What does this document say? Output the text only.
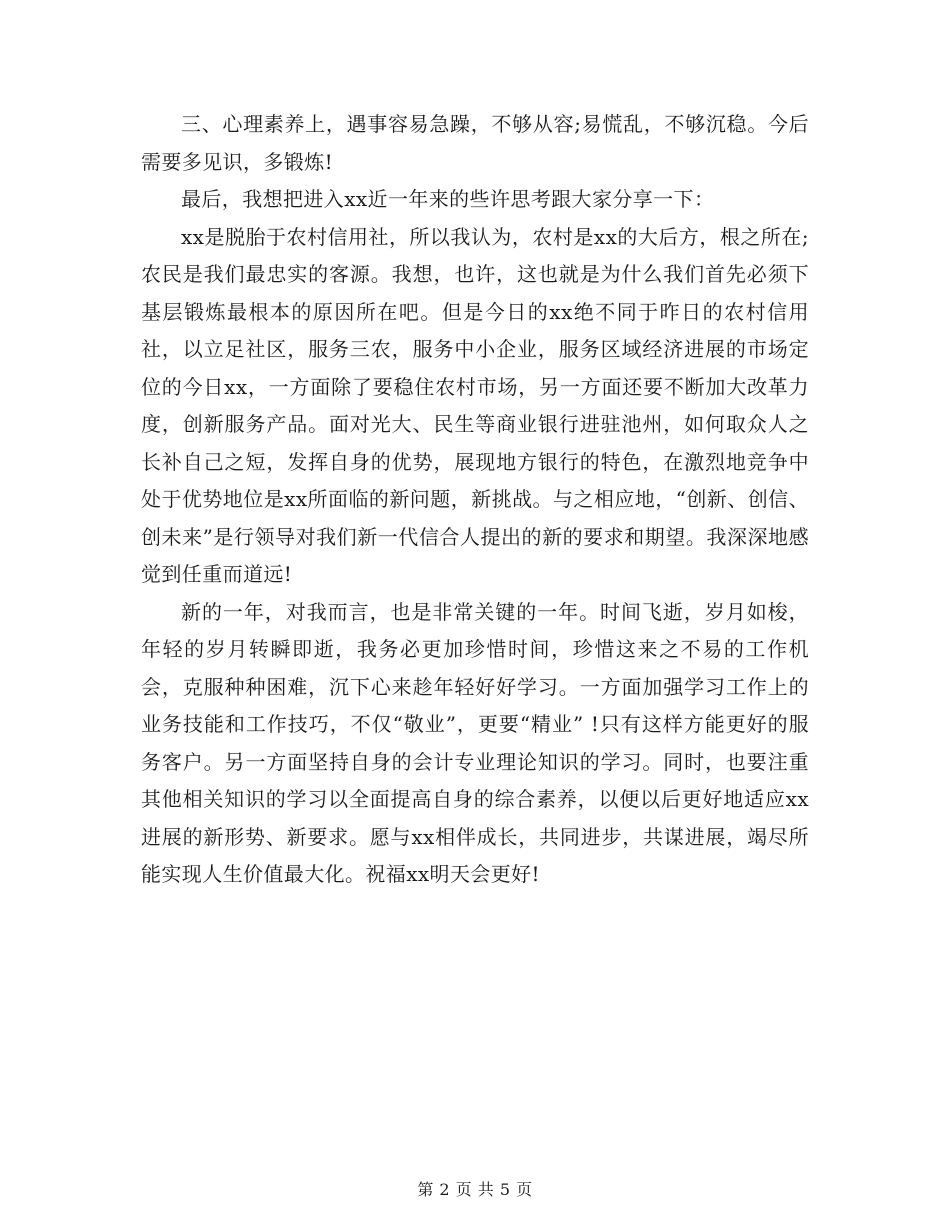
三、心理素养上，遇事容易急躁，不够从容;易慌乱，不够沉稳。今后需要多见识，多锻炼!

最后，我想把进入xx近一年来的些许思考跟大家分享一下：

xx是脱胎于农村信用社，所以我认为，农村是xx的大后方，根之所在;农民是我们最忠实的客源。我想，也许，这也就是为什么我们首先必须下基层锻炼最根本的原因所在吧。但是今日的xx绝不同于昨日的农村信用社，以立足社区，服务三农，服务中小企业，服务区域经济进展的市场定位的今日xx，一方面除了要稳住农村市场，另一方面还要不断加大改革力度，创新服务产品。面对光大、民生等商业银行进驻池州，如何取众人之长补自己之短，发挥自身的优势，展现地方银行的特色，在激烈地竞争中处于优势地位是xx所面临的新问题，新挑战。与之相应地，“创新、创信、创未来”是行领导对我们新一代信合人提出的新的要求和期望。我深深地感觉到任重而道远!

新的一年，对我而言，也是非常关键的一年。时间飞逝，岁月如梭，年轻的岁月转瞬即逝，我务必更加珍惜时间，珍惜这来之不易的工作机会，克服种种困难，沉下心来趁年轻好好学习。一方面加强学习工作上的业务技能和工作技巧，不仅“敬业”，更要“精业” !只有这样方能更好的服务客户。另一方面坚持自身的会计专业理论知识的学习。同时，也要注重其他相关知识的学习以全面提高自身的综合素养，以便以后更好地适应xx进展的新形势、新要求。愿与xx相伴成长，共同进步，共谋进展，竭尽所能实现人生价值最大化。祝福xx明天会更好!

第 2 页 共 5 页
